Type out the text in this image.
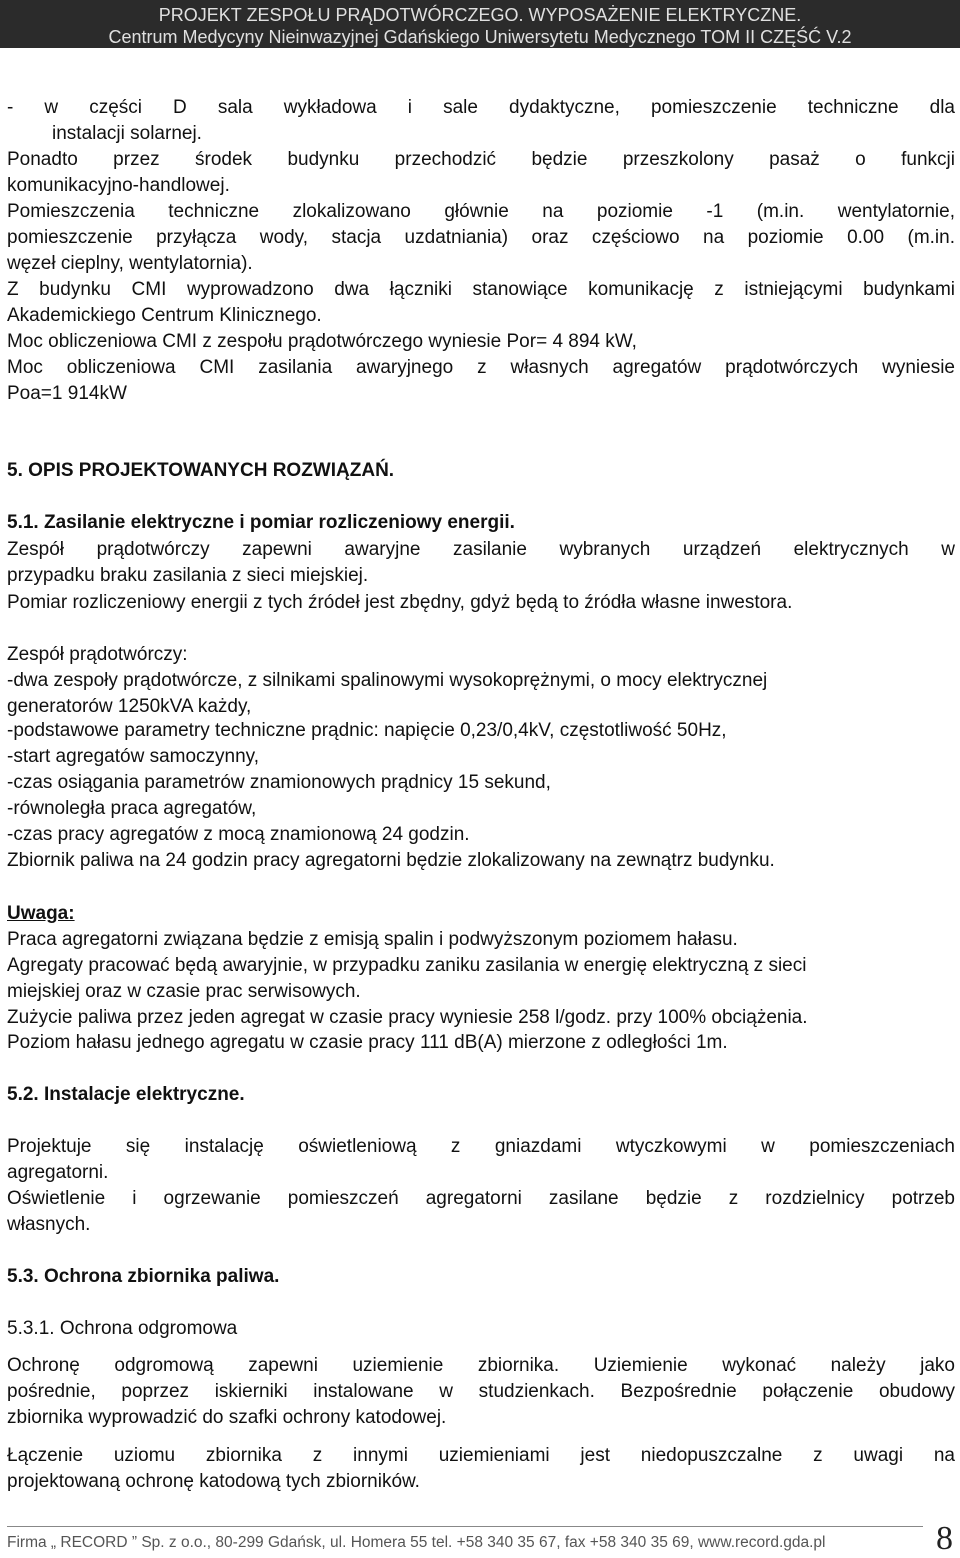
PROJEKT ZESPOŁU PRĄDOTWÓRCZEGO. WYPOSAŻENIE ELEKTRYCZNE.
Centrum Medycyny Nieinwazyjnej Gdańskiego Uniwersytetu Medycznego TOM II CZĘŚĆ V.2
- w części D sala wykładowa i sale dydaktyczne, pomieszczenie techniczne dla
instalacji solarnej.
Ponadto przez środek budynku przechodzić będzie przeszkolony pasaż o funkcji
komunikacyjno-handlowej.
Pomieszczenia techniczne zlokalizowano głównie na poziomie -1 (m.in. wentylatornie,
pomieszczenie przyłącza wody, stacja uzdatniania) oraz częściowo na poziomie 0.00 (m.in.
węzeł cieplny, wentylatornia).
Z budynku CMI wyprowadzono dwa łączniki stanowiące komunikację z istniejącymi budynkami
Akademickiego Centrum Klinicznego.
Moc obliczeniowa CMI z zespołu prądotwórczego wyniesie Por= 4 894 kW,
Moc obliczeniowa CMI zasilania awaryjnego z własnych agregatów prądotwórczych wyniesie
Poa=1 914kW
5. OPIS PROJEKTOWANYCH ROZWIĄZAŃ.
5.1. Zasilanie elektryczne i pomiar rozliczeniowy energii.
Zespół prądotwórczy zapewni awaryjne zasilanie wybranych urządzeń elektrycznych w
przypadku braku zasilania z sieci miejskiej.
Pomiar rozliczeniowy energii z tych źródeł jest zbędny, gdyż będą to źródła własne inwestora.
Zespół prądotwórczy:
-dwa zespoły prądotwórcze, z silnikami spalinowymi wysokoprężnymi, o mocy elektrycznej
generatorów 1250kVA każdy,
-podstawowe parametry techniczne prądnic: napięcie 0,23/0,4kV, częstotliwość 50Hz,
-start agregatów samoczynny,
-czas osiągania parametrów znamionowych prądnicy 15 sekund,
-równoległa praca agregatów,
-czas pracy agregatów z mocą znamionową 24 godzin.
Zbiornik paliwa na 24 godzin pracy agregatorni będzie zlokalizowany na zewnątrz budynku.
Uwaga:
Praca agregatorni związana będzie z emisją spalin i podwyższonym poziomem hałasu.
Agregaty pracować będą awaryjnie, w przypadku zaniku zasilania w energię elektryczną z sieci
miejskiej oraz w czasie prac serwisowych.
Zużycie paliwa przez jeden agregat w czasie pracy wyniesie 258 l/godz. przy 100% obciążenia.
Poziom hałasu jednego agregatu w czasie pracy 111 dB(A) mierzone z odległości 1m.
5.2. Instalacje elektryczne.
Projektuje się instalację oświetleniową z gniazdami wtyczkowymi w pomieszczeniach
agregatorni.
Oświetlenie i ogrzewanie pomieszczeń agregatorni zasilane będzie z rozdzielnicy potrzeb
własnych.
5.3. Ochrona zbiornika paliwa.
5.3.1. Ochrona odgromowa
Ochronę odgromową zapewni uziemienie zbiornika. Uziemienie wykonać należy jako
pośrednie, poprzez iskierniki instalowane w studzienkach. Bezpośrednie połączenie obudowy
zbiornika wyprowadzić do szafki ochrony katodowej.
Łączenie uziomu zbiornika z innymi uziemieniami jest niedopuszczalne z uwagi na
projektowaną ochronę katodową tych zbiorników.
Firma „ RECORD ” Sp. z o.o., 80-299 Gdańsk, ul. Homera 55 tel. +58 340 35 67, fax +58 340 35 69, www.record.gda.pl	8
